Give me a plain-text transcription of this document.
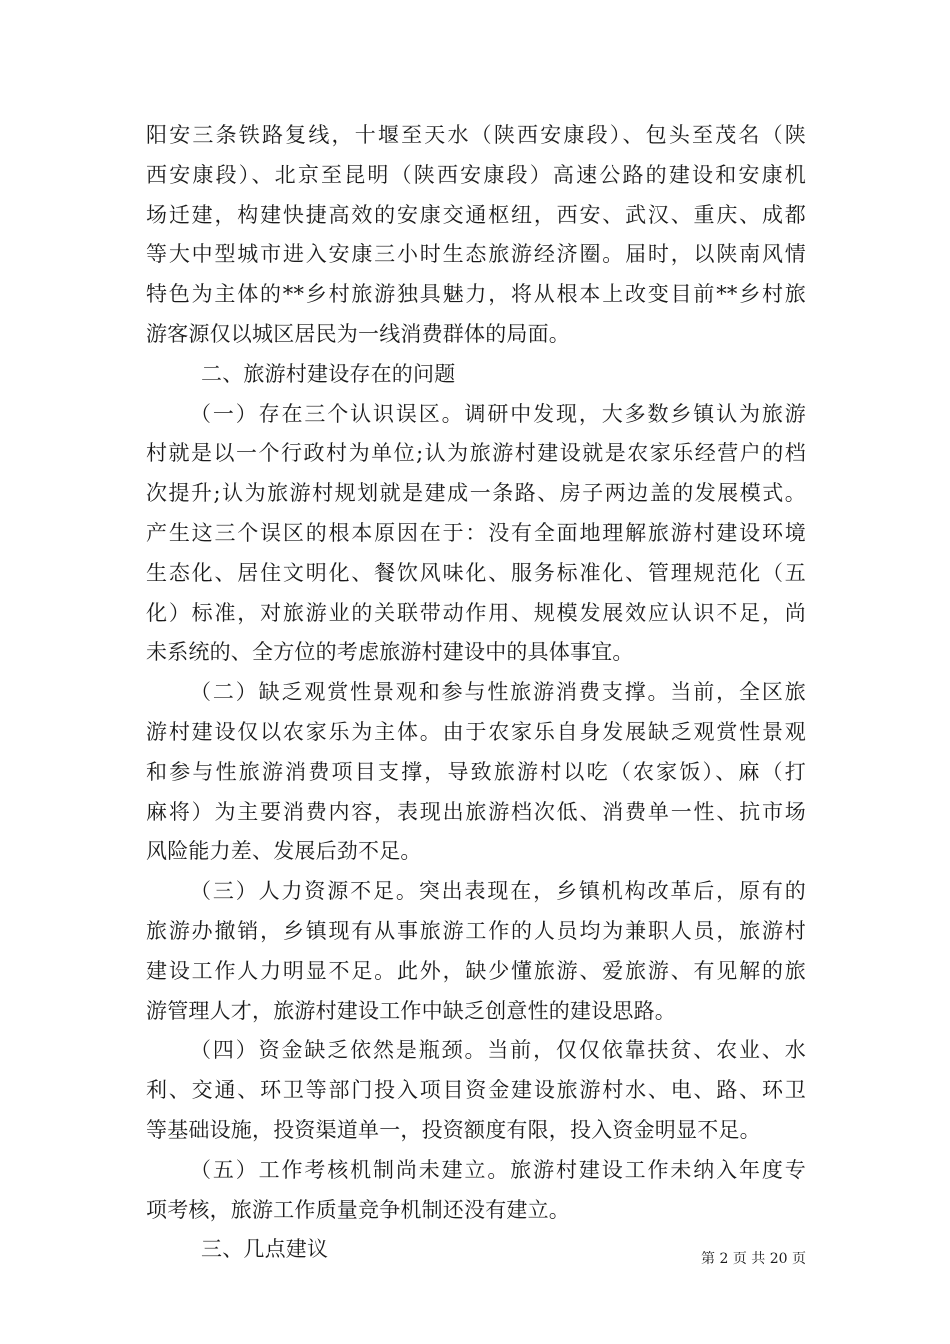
阳安三条铁路复线，十堰至天水（陕西安康段）、包头至茂名（陕
西安康段）、北京至昆明（陕西安康段）高速公路的建设和安康机
场迁建，构建快捷高效的安康交通枢纽，西安、武汉、重庆、成都
等大中型城市进入安康三小时生态旅游经济圈。届时，以陕南风情
特色为主体的**乡村旅游独具魅力，将从根本上改变目前**乡村旅
游客源仅以城区居民为一线消费群体的局面。
二、旅游村建设存在的问题
（一）存在三个认识误区。调研中发现，大多数乡镇认为旅游
村就是以一个行政村为单位;认为旅游村建设就是农家乐经营户的档
次提升;认为旅游村规划就是建成一条路、房子两边盖的发展模式。
产生这三个误区的根本原因在于：没有全面地理解旅游村建设环境
生态化、居住文明化、餐饮风味化、服务标准化、管理规范化（五
化）标准，对旅游业的关联带动作用、规模发展效应认识不足，尚
未系统的、全方位的考虑旅游村建设中的具体事宜。
（二）缺乏观赏性景观和参与性旅游消费支撑。当前，全区旅
游村建设仅以农家乐为主体。由于农家乐自身发展缺乏观赏性景观
和参与性旅游消费项目支撑，导致旅游村以吃（农家饭）、麻（打
麻将）为主要消费内容，表现出旅游档次低、消费单一性、抗市场
风险能力差、发展后劲不足。
（三）人力资源不足。突出表现在，乡镇机构改革后，原有的
旅游办撤销，乡镇现有从事旅游工作的人员均为兼职人员，旅游村
建设工作人力明显不足。此外，缺少懂旅游、爱旅游、有见解的旅
游管理人才，旅游村建设工作中缺乏创意性的建设思路。
（四）资金缺乏依然是瓶颈。当前，仅仅依靠扶贫、农业、水
利、交通、环卫等部门投入项目资金建设旅游村水、电、路、环卫
等基础设施，投资渠道单一，投资额度有限，投入资金明显不足。
（五）工作考核机制尚未建立。旅游村建设工作未纳入年度专
项考核，旅游工作质量竞争机制还没有建立。
三、几点建议	第 2 页 共 20 页
